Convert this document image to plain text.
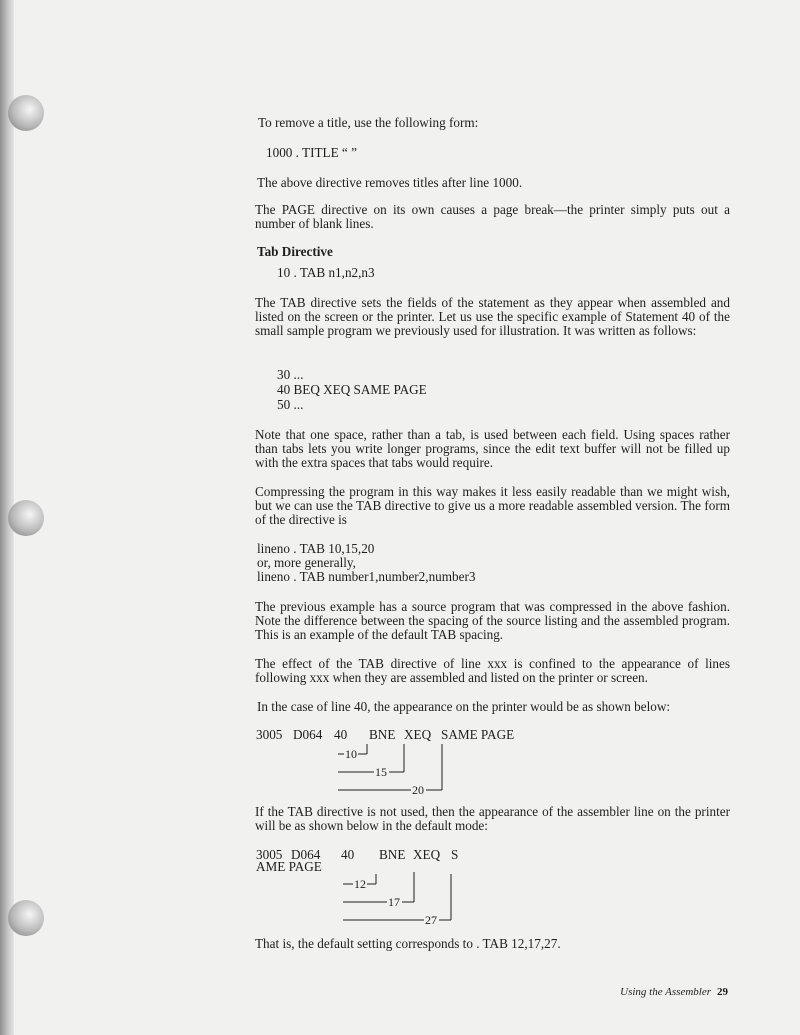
To remove a title, use the following form:
1000 . TITLE “ ”
The above directive removes titles after line 1000.
The PAGE directive on its own causes a page break—the printer simply puts out a number of blank lines.
Tab Directive
10 . TAB n1,n2,n3
The TAB directive sets the fields of the statement as they appear when assembled and listed on the screen or the printer. Let us use the specific example of Statement 40 of the small sample program we previously used for illustration. It was written as follows:
30 ...
40 BEQ XEQ SAME PAGE
50 ...
Note that one space, rather than a tab, is used between each field. Using spaces rather than tabs lets you write longer programs, since the edit text buffer will not be filled up with the extra spaces that tabs would require.
Compressing the program in this way makes it less easily readable than we might wish, but we can use the TAB directive to give us a more readable assembled version. The form of the directive is
lineno . TAB 10,15,20
or, more generally,
lineno . TAB number1,number2,number3
The previous example has a source program that was compressed in the above fashion. Note the difference between the spacing of the source listing and the assembled program. This is an example of the default TAB spacing.
The effect of the TAB directive of line xxx is confined to the appearance of lines following xxx when they are assembled and listed on the printer or screen.
In the case of line 40, the appearance on the printer would be as shown below:
3005 D064 40 BNE XEQ SAME PAGE
10
15
20
If the TAB directive is not used, then the appearance of the assembler line on the printer will be as shown below in the default mode:
3005 D064 40 BNE XEQ S
AME PAGE
12
17
27
That is, the default setting corresponds to . TAB 12,17,27.
Using the Assembler 29
